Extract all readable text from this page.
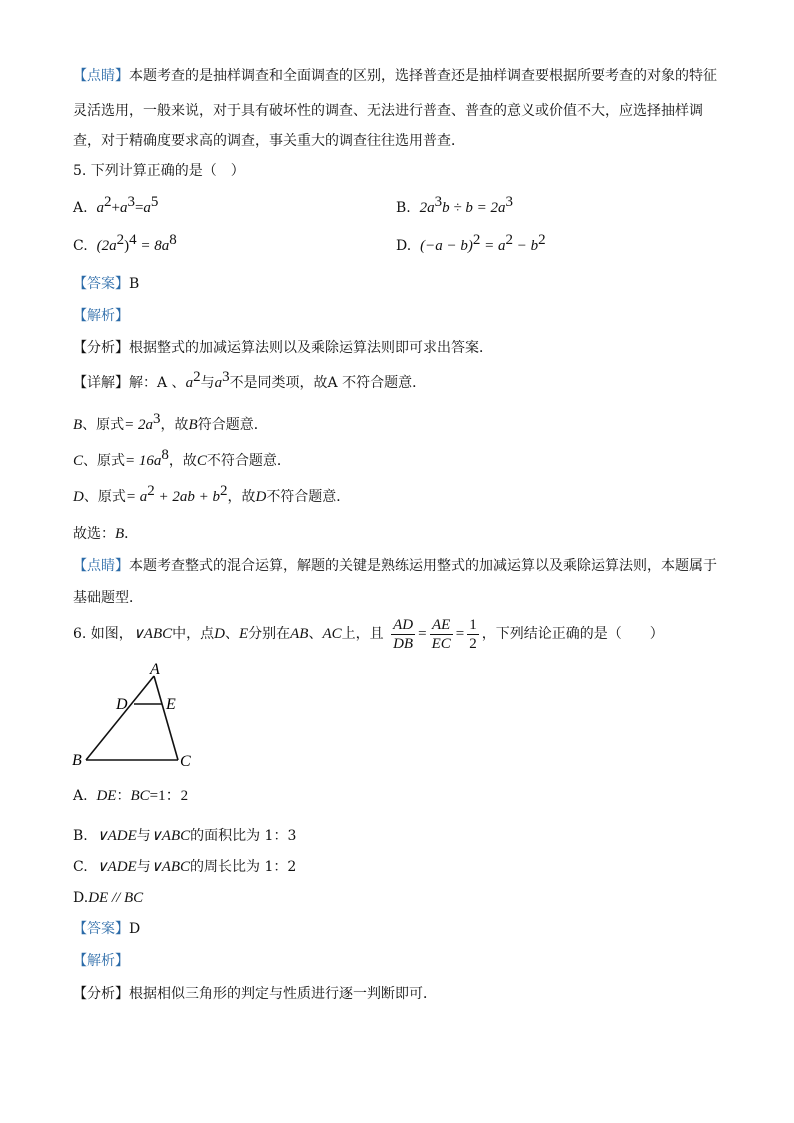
【点睛】本题考查的是抽样调查和全面调查的区别，选择普查还是抽样调查要根据所要考查的对象的特征
灵活选用，一般来说，对于具有破坏性的调查、无法进行普查、普查的意义或价值不大，应选择抽样调
查，对于精确度要求高的调查，事关重大的调查往往选用普查．
5. 下列计算正确的是（　）
A. $a^2+a^3=a^5$	B. $2a^3b \div b = 2a^3$
C. $(2a^2)^4 = 8a^8$	D. $(-a - b)^2 = a^2 - b^2$
【答案】B
【解析】
【分析】根据整式的加减运算法则以及乘除运算法则即可求出答案．
【详解】解：A 、$a^2$与$a^3$不是同类项，故A 不符合题意．
B、原式= $2a^3$，故B符合题意．
C、原式= $16a^8$，故C不符合题意．
D、原式= $a^2 + 2ab + b^2$，故D不符合题意．
故选：B．
【点睛】本题考查整式的混合运算，解题的关键是熟练运用整式的加减运算以及乘除运算法则，本题属于
基础题型．
6. 如图，∨ABC中，点D、E分别在AB、AC上，且 $\frac{AD}{DB} = \frac{AE}{EC} = \frac{1}{2}$ ，下列结论正确的是（　　）
A
D E
B	C
A. DE：BC=1：2
B. ∨ADE与∨ABC的面积比为 1：3
C. ∨ADE与∨ABC的周长比为 1：2
D.DE // BC
【答案】D
【解析】
【分析】根据相似三角形的判定与性质进行逐一判断即可．
